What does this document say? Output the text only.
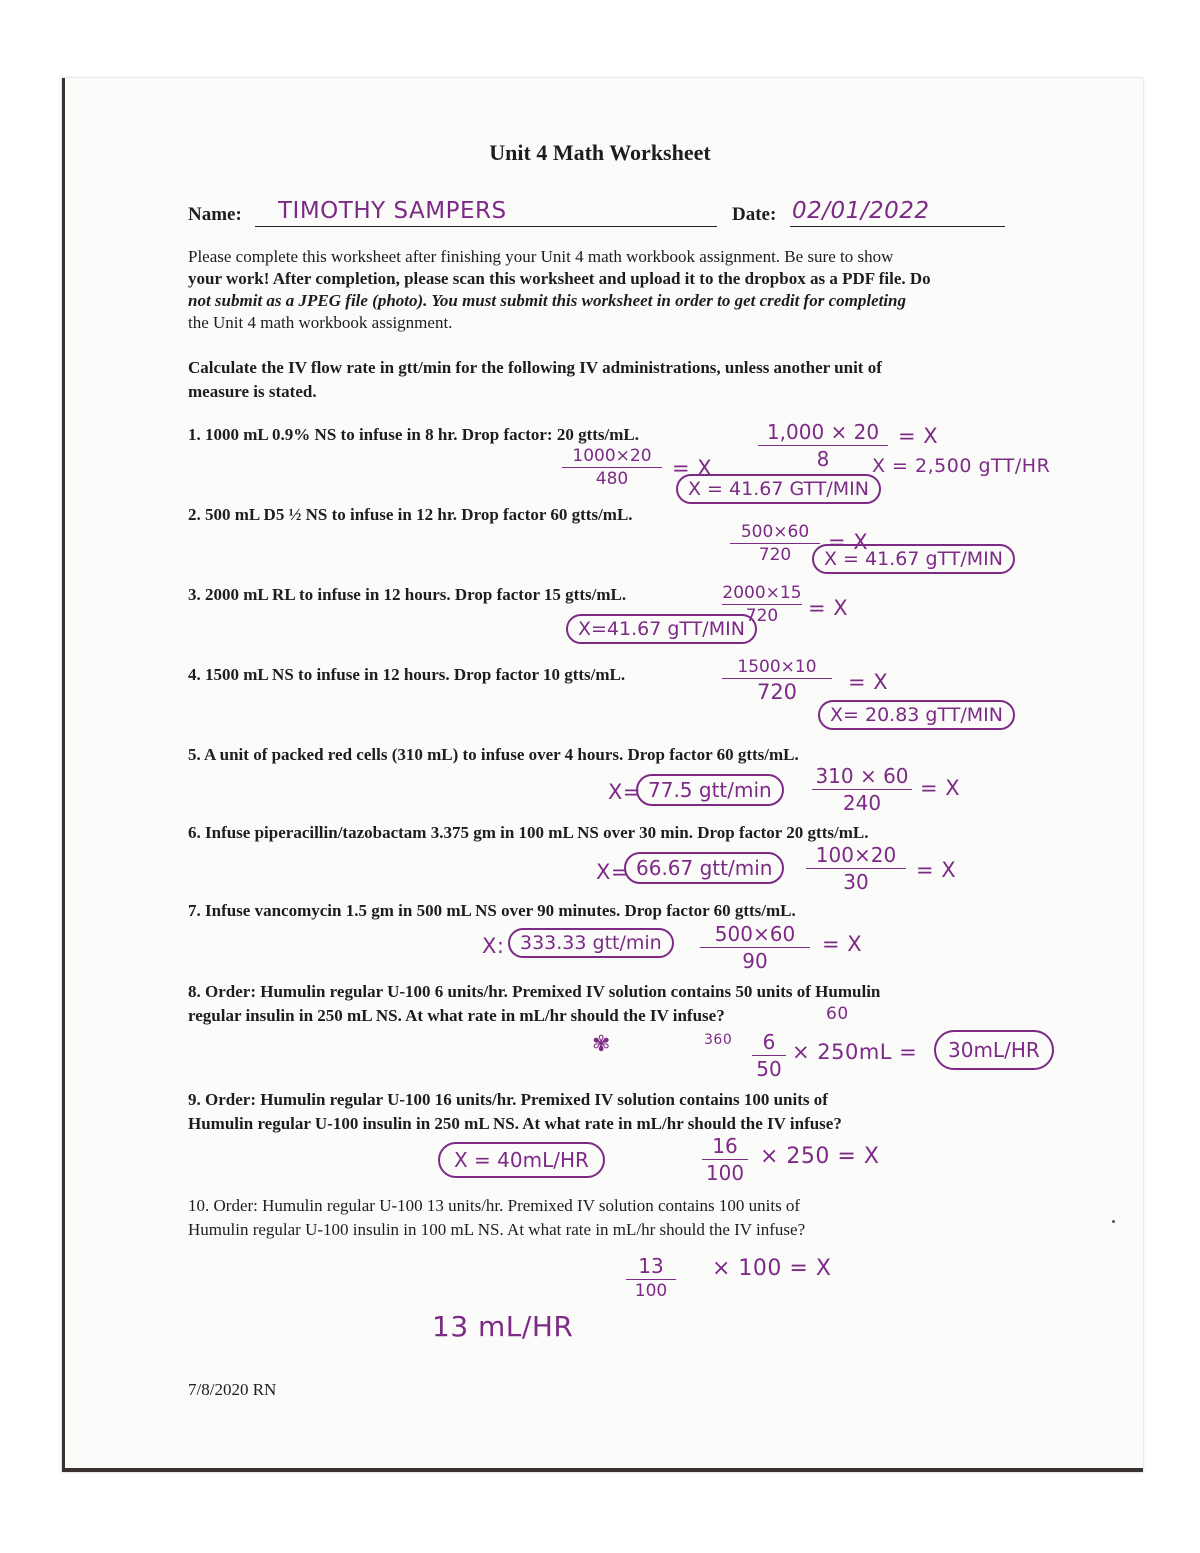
Unit 4 Math Worksheet
Name: TIMOTHY SAMPERS	Date: 02/01/2022
Please complete this worksheet after finishing your Unit 4 math workbook assignment. Be sure to show
your work! After completion, please scan this worksheet and upload it to the dropbox as a PDF file. Do
not submit as a JPEG file (photo). You must submit this worksheet in order to get credit for completing
the Unit 4 math workbook assignment.
Calculate the IV flow rate in gtt/min for the following IV administrations, unless another unit of
measure is stated.
1. 1000 mL 0.9% NS to infuse in 8 hr. Drop factor: 20 gtts/mL.	1,000 × 20
8
= X
X = 2,500 gTT/HR
1000×20
480	= X
X = 41.67 GTT/MIN
2. 500 mL D5 ½ NS to infuse in 12 hr. Drop factor 60 gtts/mL.
500×60
720
= X
X = 41.67 gTT/MIN
3. 2000 mL RL to infuse in 12 hours. Drop factor 15 gtts/mL.	2000×15
720	= X
X=41.67 gTT/MIN
4. 1500 mL NS to infuse in 12 hours. Drop factor 10 gtts/mL.	1500×10
720	= X
X= 20.83 gTT/MIN
5. A unit of packed red cells (310 mL) to infuse over 4 hours. Drop factor 60 gtts/mL.
X= 77.5 gtt/min
310 × 60
240
= X
6. Infuse piperacillin/tazobactam 3.375 gm in 100 mL NS over 30 min. Drop factor 20 gtts/mL.
X= 66.67 gtt/min
100×20
30	= X
7. Infuse vancomycin 1.5 gm in 500 mL NS over 90 minutes. Drop factor 60 gtts/mL.
X: 333.33 gtt/min	500×60
90
= X
8. Order: Humulin regular U-100 6 units/hr. Premixed IV solution contains 50 units of Humulin
regular insulin in 250 mL NS. At what rate in mL/hr should the IV infuse?	60
360
✾	6
50
× 250mL =	30mL/HR
9. Order: Humulin regular U-100 16 units/hr. Premixed IV solution contains 100 units of
Humulin regular U-100 insulin in 250 mL NS. At what rate in mL/hr should the IV infuse?
X = 40mL/HR
16
100
× 250 = X
10. Order: Humulin regular U-100 13 units/hr. Premixed IV solution contains 100 units of
Humulin regular U-100 insulin in 100 mL NS. At what rate in mL/hr should the IV infuse?
13
100
× 100 = X
13 mL/HR
7/8/2020 RN
